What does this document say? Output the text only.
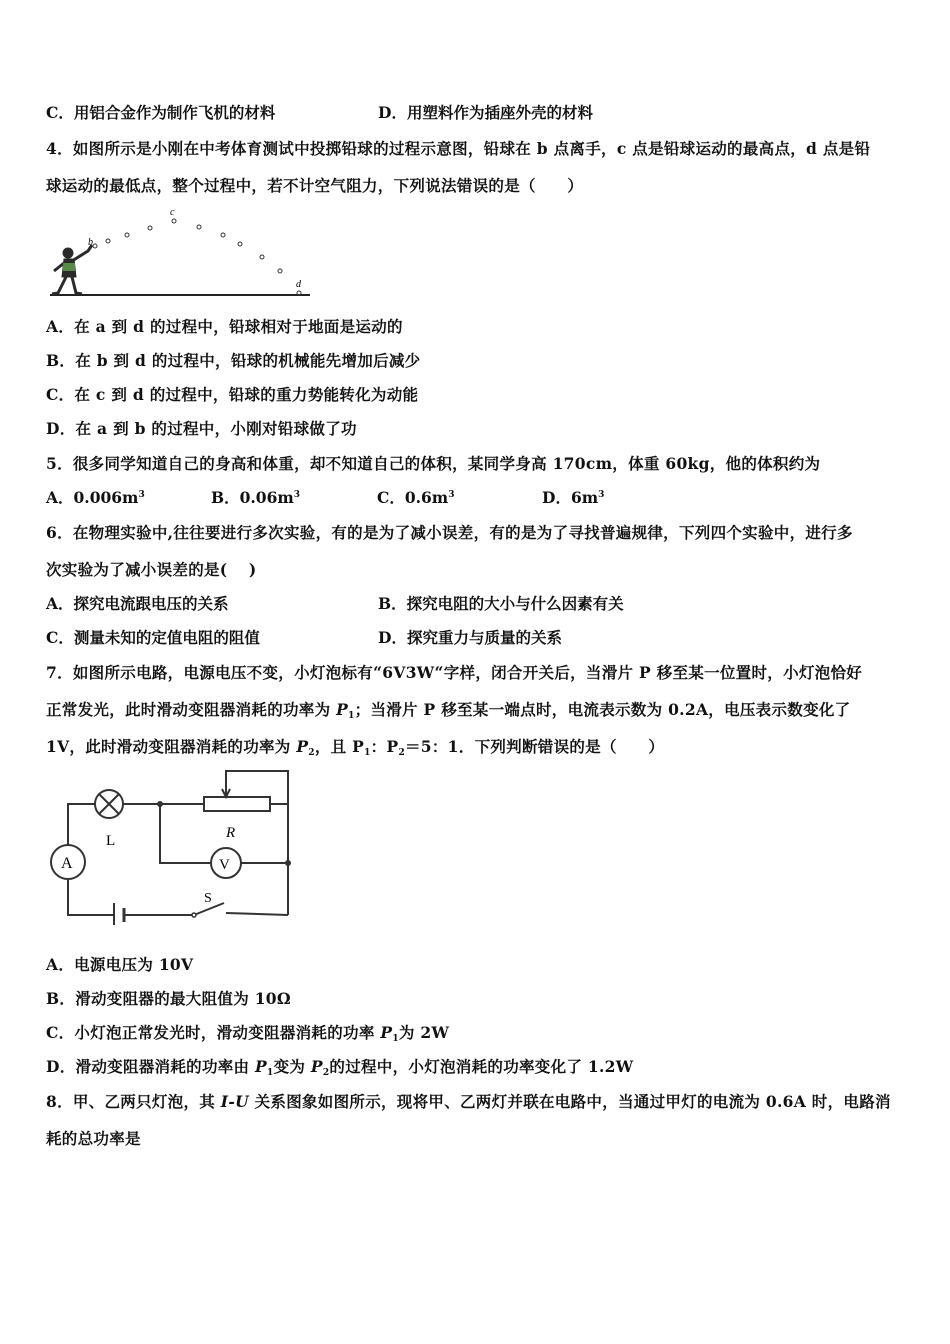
C．用铝合金作为制作飞机的材料	D．用塑料作为插座外壳的材料
4．如图所示是小刚在中考体育测试中投掷铅球的过程示意图，铅球在 b 点离手，c 点是铅球运动的最高点，d 点是铅
球运动的最低点，整个过程中，若不计空气阻力，下列说法错误的是（　　）
b
c
d
A．在 a 到 d 的过程中，铅球相对于地面是运动的
B．在 b 到 d 的过程中，铅球的机械能先增加后减少
C．在 c 到 d 的过程中，铅球的重力势能转化为动能
D．在 a 到 b 的过程中，小刚对铅球做了功
5．很多同学知道自己的身高和体重，却不知道自己的体积，某同学身高 170cm，体重 60kg，他的体积约为
A．$0.006m^3$	B．$0.06m^3$	C．$0.6m^3$	D．$6m^3$
6．在物理实验中,往往要进行多次实验，有的是为了减小误差，有的是为了寻找普遍规律，下列四个实验中，进行多
次实验为了减小误差的是(　 )
A．探究电流跟电压的关系	B．探究电阻的大小与什么因素有关
C．测量未知的定值电阻的阻值	D．探究重力与质量的关系
7．如图所示电路，电源电压不变，小灯泡标有“6V3W“字样，闭合开关后，当滑片 P 移至某一位置时，小灯泡恰好
正常发光，此时滑动变阻器消耗的功率为 $P_1$；当滑片 P 移至某一端点时，电流表示数为 0.2A，电压表示数变化了
1V，此时滑动变阻器消耗的功率为 $P_2$，且 $P_1$：$P_2=5$：1．下列判断错误的是（　　）
A	V
L	R
S
A．电源电压为 10V
B．滑动变阻器的最大阻值为 10Ω
C．小灯泡正常发光时，滑动变阻器消耗的功率 $P_1$为 2W
D．滑动变阻器消耗的功率由 $P_1$变为 $P_2$的过程中，小灯泡消耗的功率变化了 1.2W
8．甲、乙两只灯泡，其 I-U 关系图象如图所示，现将甲、乙两灯并联在电路中，当通过甲灯的电流为 0.6A 时，电路消
耗的总功率是
